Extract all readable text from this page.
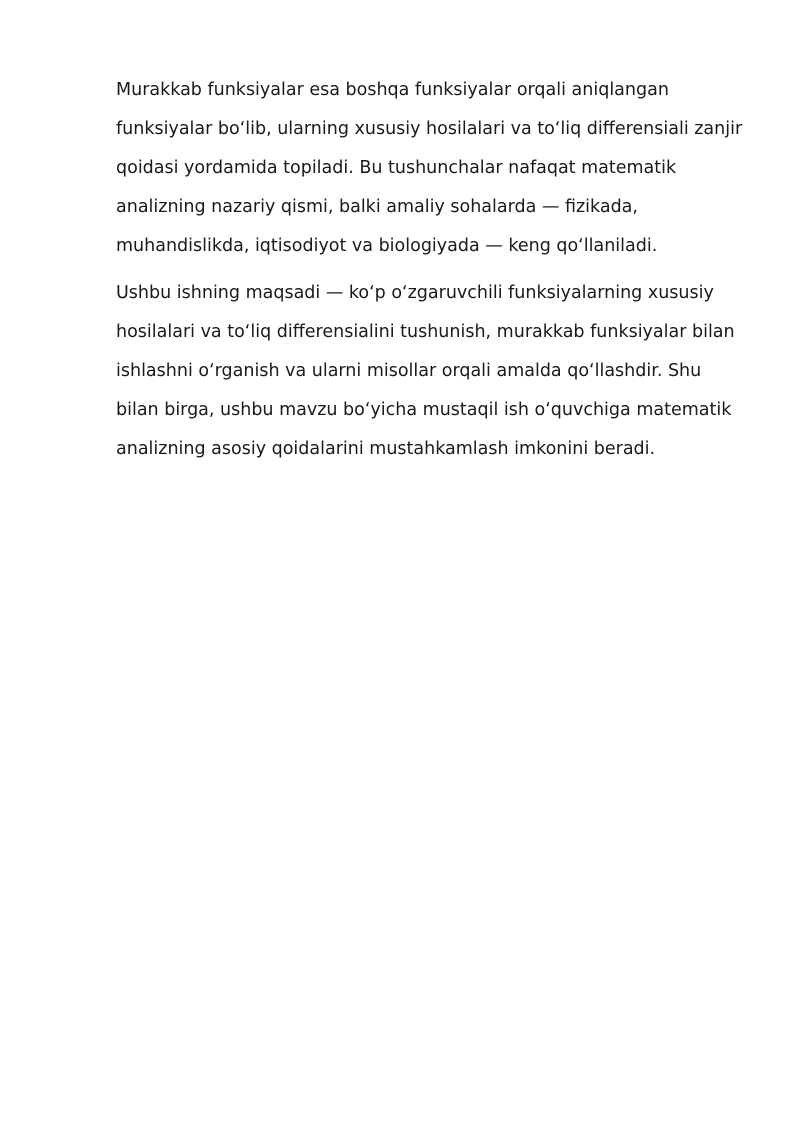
Murakkab funksiyalar esa boshqa funksiyalar orqali aniqlangan
funksiyalar bo‘lib, ularning xususiy hosilalari va to‘liq differensiali zanjir
qoidasi yordamida topiladi. Bu tushunchalar nafaqat matematik
analizning nazariy qismi, balki amaliy sohalarda — fizikada,
muhandislikda, iqtisodiyot va biologiyada — keng qo‘llaniladi.

Ushbu ishning maqsadi — ko‘p o‘zgaruvchili funksiyalarning xususiy
hosilalari va to‘liq differensialini tushunish, murakkab funksiyalar bilan
ishlashni o‘rganish va ularni misollar orqali amalda qo‘llashdir. Shu
bilan birga, ushbu mavzu bo‘yicha mustaqil ish o‘quvchiga matematik
analizning asosiy qoidalarini mustahkamlash imkonini beradi.
